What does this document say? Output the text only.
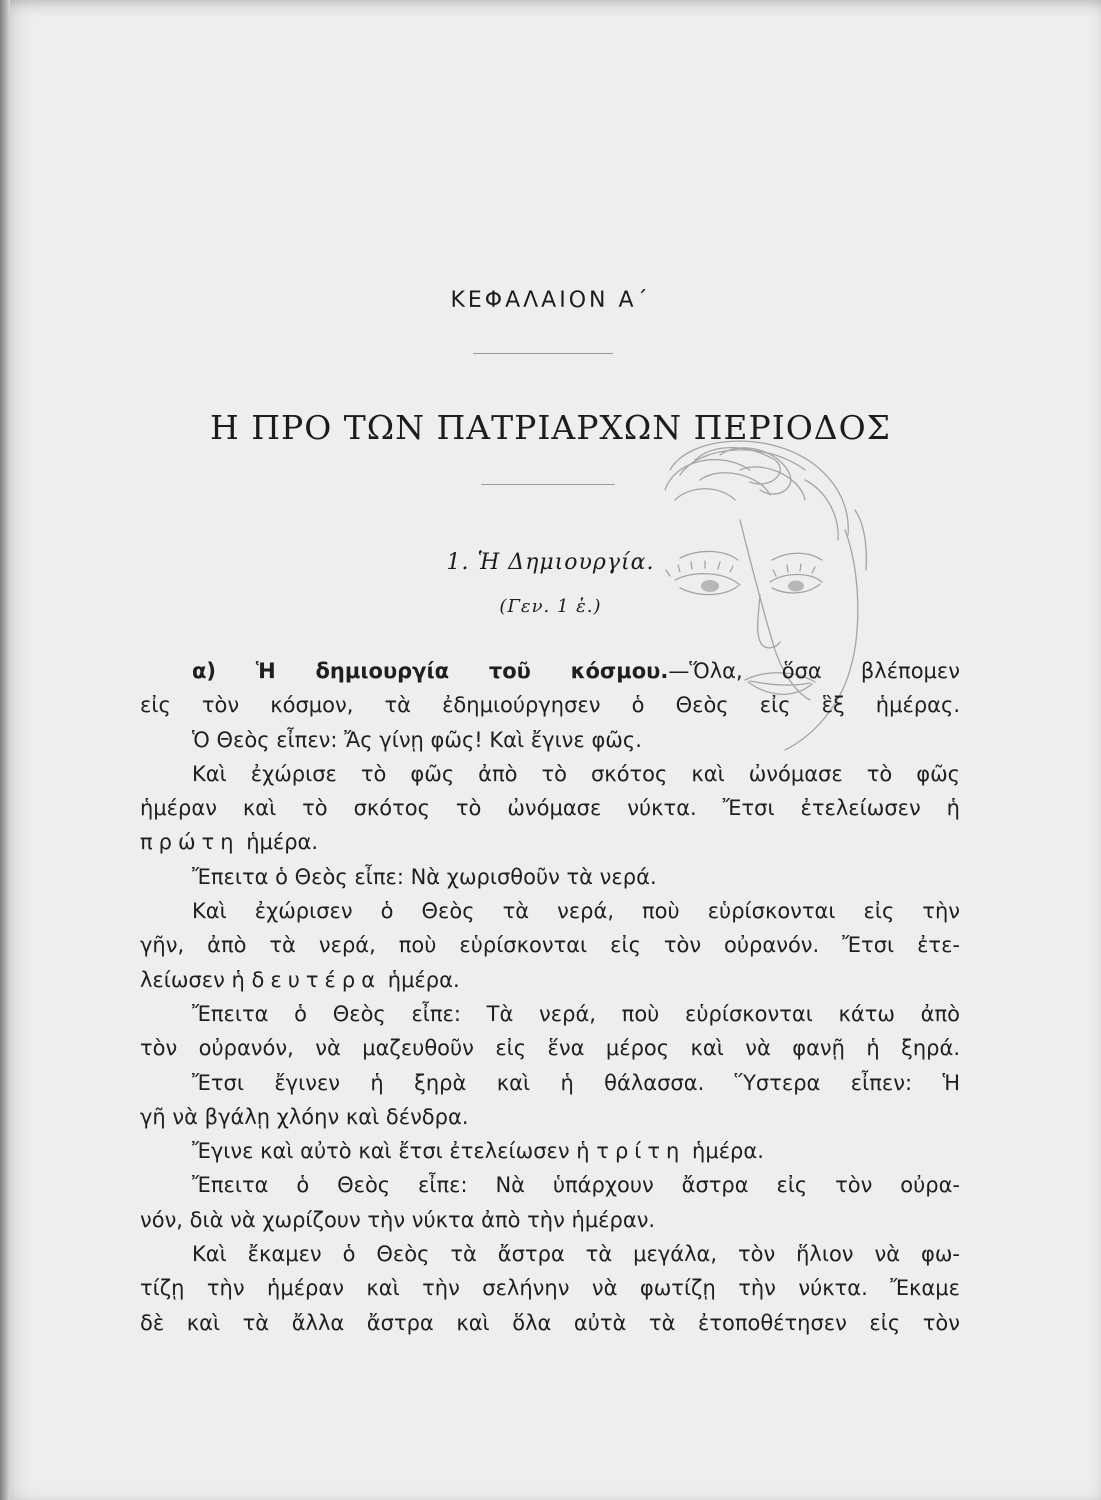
ΚΕΦΑΛΑΙΟΝ Α΄
Η ΠΡΟ ΤΩΝ ΠΑΤΡΙΑΡΧΩΝ ΠΕΡΙΟΔΟΣ
1. Ἡ Δημιουργία.
(Γεν. 1 ἑ.)
α) Ἡ δημιουργία τοῦ κόσμου.—Ὅλα, ὅσα βλέπομεν
εἰς τὸν κόσμον, τὰ ἐδημιούργησεν ὁ Θεὸς εἰς ἓξ ἡμέρας.
Ὁ Θεὸς εἶπεν: Ἄς γίνῃ φῶς! Καὶ ἔγινε φῶς.
Καὶ ἐχώρισε τὸ φῶς ἀπὸ τὸ σκότος καὶ ὠνόμασε τὸ φῶς
ἡμέραν καὶ τὸ σκότος τὸ ὠνόμασε νύκτα. Ἔτσι ἐτελείωσεν ἡ
πρώτη ἡμέρα.
Ἔπειτα ὁ Θεὸς εἶπε: Νὰ χωρισθοῦν τὰ νερά.
Καὶ ἐχώρισεν ὁ Θεὸς τὰ νερά, ποὺ εὑρίσκονται εἰς τὴν
γῆν, ἀπὸ τὰ νερά, ποὺ εὑρίσκονται εἰς τὸν οὐρανόν. Ἔτσι ἐτε-
λείωσεν ἡ δευτέρα ἡμέρα.
Ἔπειτα ὁ Θεὸς εἶπε: Τὰ νερά, ποὺ εὑρίσκονται κάτω ἀπὸ
τὸν οὐρανόν, νὰ μαζευθοῦν εἰς ἕνα μέρος καὶ νὰ φανῇ ἡ ξηρά.
Ἔτσι ἔγινεν ἡ ξηρὰ καὶ ἡ θάλασσα. Ὕστερα εἶπεν: Ἡ
γῆ νὰ βγάλῃ χλόην καὶ δένδρα.
Ἔγινε καὶ αὐτὸ καὶ ἔτσι ἐτελείωσεν ἡ τρίτη ἡμέρα.
Ἔπειτα ὁ Θεὸς εἶπε: Νὰ ὑπάρχουν ἄστρα εἰς τὸν οὐρα-
νόν, διὰ νὰ χωρίζουν τὴν νύκτα ἀπὸ τὴν ἡμέραν.
Καὶ ἔκαμεν ὁ Θεὸς τὰ ἄστρα τὰ μεγάλα, τὸν ἥλιον νὰ φω-
τίζῃ τὴν ἡμέραν καὶ τὴν σελήνην νὰ φωτίζῃ τὴν νύκτα. Ἔκαμε
δὲ καὶ τὰ ἄλλα ἄστρα καὶ ὅλα αὐτὰ τὰ ἐτοποθέτησεν εἰς τὸν
